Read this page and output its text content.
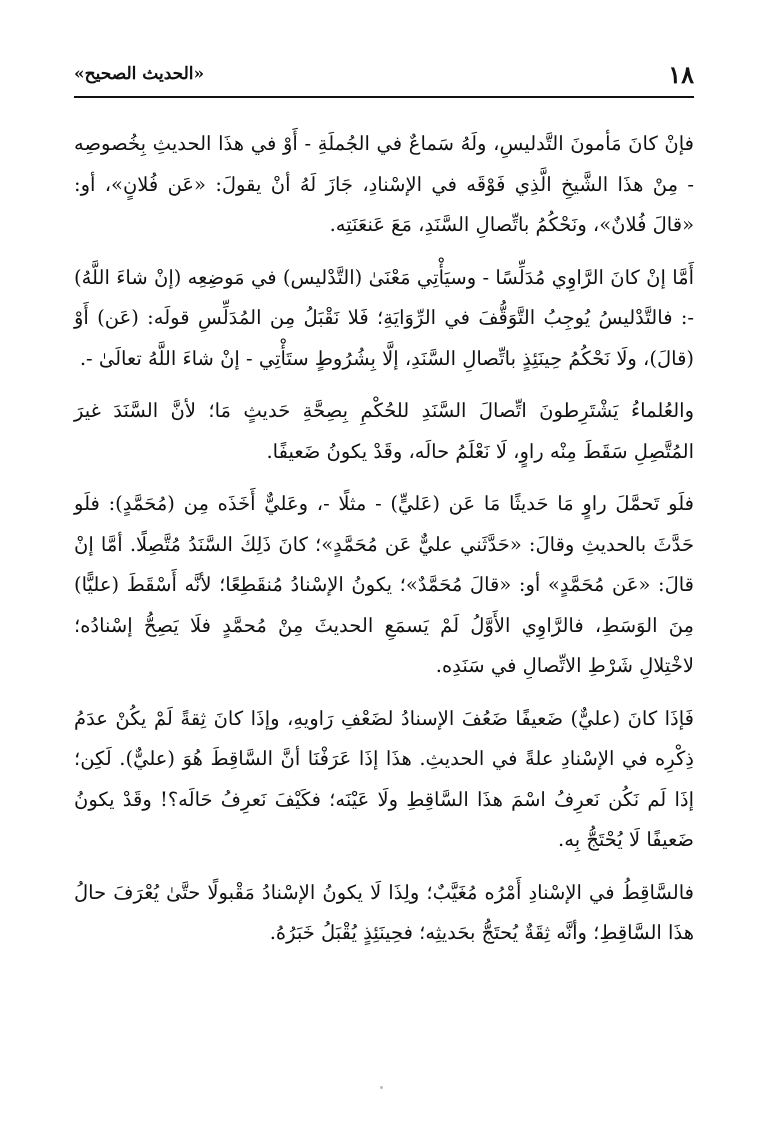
١٨
«الحديث الصحيح»

فإنْ كانَ مَأمونَ التَّدليسِ، ولَهُ سَماعٌ في الجُملَةِ - أَوْ في هذَا الحديثِ بِخُصوصِه - مِنْ هذَا الشَّيخِ الَّذِي فَوْقَه في الإسْنادِ، جَازَ لَهُ أنْ يقولَ: «عَن فُلانٍ»، أو: «قالَ فُلانٌ»، ونَحْكُمُ باتِّصالِ السَّنَدِ، مَعَ عَنعَنَتِه.

أَمَّا إنْ كانَ الرَّاوِي مُدَلِّسًا - وسيَأْتِي مَعْنَىٰ (التَّدْليس) في مَوضِعِه (إنْ شاءَ اللَّهُ) -: فالتَّدْليسُ يُوجِبُ التَّوَقُّفَ في الرِّوَايَةِ؛ فَلا نَقْبَلُ مِن المُدَلِّسِ قولَه: (عَن) أَوْ (قالَ)، ولَا نَحْكُمُ حِينَئِذٍ باتِّصالِ السَّنَدِ، إلَّا بِشُرُوطٍ ستَأْتِي - إنْ شاءَ اللَّهُ تعالَىٰ -.

والعُلماءُ يَشْتَرِطونَ اتِّصالَ السَّنَدِ للحُكْمِ بِصِحَّةِ حَديثٍ مَا؛ لأنَّ السَّنَدَ غيرَ المُتَّصِلِ سَقَطَ مِنْه راوٍ، لَا نَعْلَمُ حالَه، وقَدْ يكونُ ضَعيفًا.

فلَو تَحمَّلَ راوٍ مَا حَديثًا مَا عَن (عَليٍّ) - مثلًا -، وعَليٌّ أَخَذَه مِن (مُحَمَّدٍ): فلَو حَدَّثَ بالحديثِ وقالَ: «حَدَّثَني عليٌّ عَن مُحَمَّدٍ»؛ كانَ ذَلِكَ السَّنَدُ مُتَّصِلًا. أمَّا إنْ قالَ: «عَن مُحَمَّدٍ» أو: «قالَ مُحَمَّدٌ»؛ يكونُ الإسْنادُ مُنقَطِعًا؛ لأنَّه أَسْقَطَ (عليًّا) مِنَ الوَسَطِ، فالرَّاوِي الأَوَّلُ لَمْ يَسمَعِ الحديثَ مِنْ مُحمَّدٍ فلَا يَصِحُّ إسْنادُه؛ لاخْتِلالِ شَرْطِ الاتِّصالِ في سَنَدِه.

فَإذَا كانَ (عليٌّ) ضَعيفًا ضَعُفَ الإسنادُ لضَعْفِ رَاويهِ، وإذَا كانَ ثِقةً لَمْ يكُنْ عدَمُ ذِكْرِه في الإسْنادِ علةً في الحديثِ. هذَا إذَا عَرَفْنَا أنَّ السَّاقِطَ هُوَ (عليٌّ). لَكِن؛ إذَا لَم نَكُن نَعرِفُ اسْمَ هذَا السَّاقِطِ ولَا عَيْنَه؛ فكَيْفَ نَعرِفُ حَالَه؟! وقَدْ يكونُ ضَعيفًا لَا يُحْتَجُّ بِه.

فالسَّاقِطُ في الإسْنادِ أَمْرُه مُغَيَّبٌ؛ ولِذَا لَا يكونُ الإسْنادُ مَقْبولًا حتَّىٰ يُعْرَفَ حالُ هذَا السَّاقِطِ؛ وأنَّه ثِقَةٌ يُحتَجُّ بحَديثِه؛ فحِينَئِذٍ يُقْبَلُ خَبَرُهُ.
